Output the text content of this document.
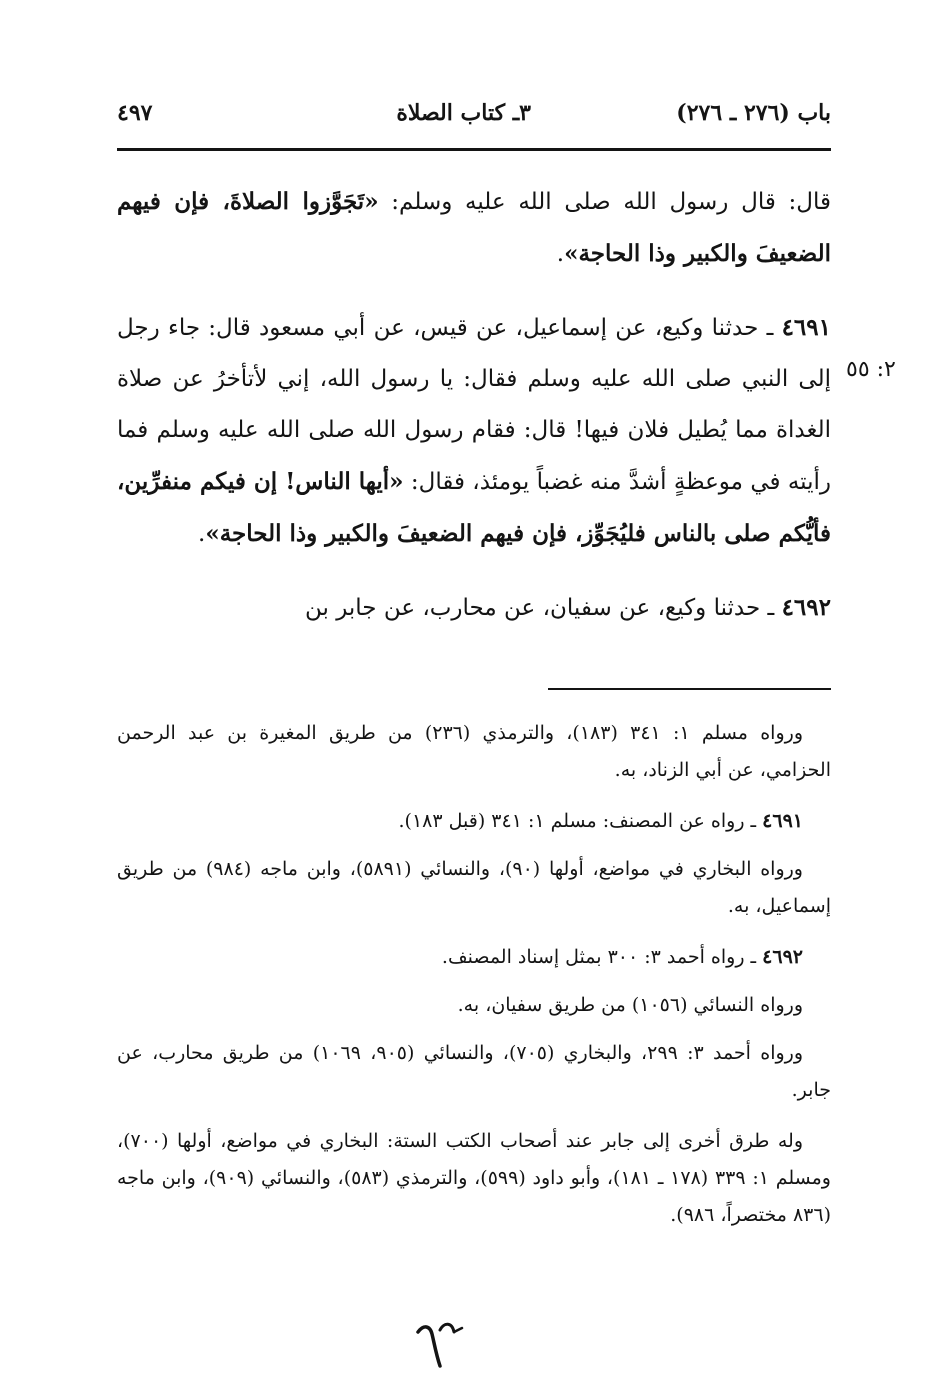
باب (٢٧٦ ـ ٢٧٦)
٣ـ كتاب الصلاة
٤٩٧
٢: ٥٥

قال: قال رسول الله صلى الله عليه وسلم: «تَجَوَّزوا الصلاةَ، فإن فيهم الضعيفَ والكبير وذا الحاجة».

٤٦٩١ ـ حدثنا وكيع، عن إسماعيل، عن قيس، عن أبي مسعود قال: جاء رجل إلى النبي صلى الله عليه وسلم فقال: يا رسول الله، إني لأتأخرُ عن صلاة الغداة مما يُطيل فلان فيها! قال: فقام رسول الله صلى الله عليه وسلم فما رأيته في موعظةٍ أشدَّ منه غضباً يومئذ، فقال: «أيها الناس! إن فيكم منفرِّين، فأيُّكم صلى بالناس فليُجَوِّز، فإن فيهم الضعيفَ والكبير وذا الحاجة».

٤٦٩٢ ـ حدثنا وكيع، عن سفيان، عن محارب، عن جابر بن

ورواه مسلم ١: ٣٤١ (١٨٣)، والترمذي (٢٣٦) من طريق المغيرة بن عبد الرحمن الحزامي، عن أبي الزناد، به.

٤٦٩١ ـ رواه عن المصنف: مسلم ١: ٣٤١ (قبل ١٨٣).

ورواه البخاري في مواضع، أولها (٩٠)، والنسائي (٥٨٩١)، وابن ماجه (٩٨٤) من طريق إسماعيل، به.

٤٦٩٢ ـ رواه أحمد ٣: ٣٠٠ بمثل إسناد المصنف.

ورواه النسائي (١٠٥٦) من طريق سفيان، به.

ورواه أحمد ٣: ٢٩٩، والبخاري (٧٠٥)، والنسائي (٩٠٥، ١٠٦٩) من طريق محارب، عن جابر.

وله طرق أخرى إلى جابر عند أصحاب الكتب الستة: البخاري في مواضع، أولها (٧٠٠)، ومسلم ١: ٣٣٩ (١٧٨ ـ ١٨١)، وأبو داود (٥٩٩)، والترمذي (٥٨٣)، والنسائي (٩٠٩)، وابن ماجه (٨٣٦ مختصراً، ٩٨٦).
